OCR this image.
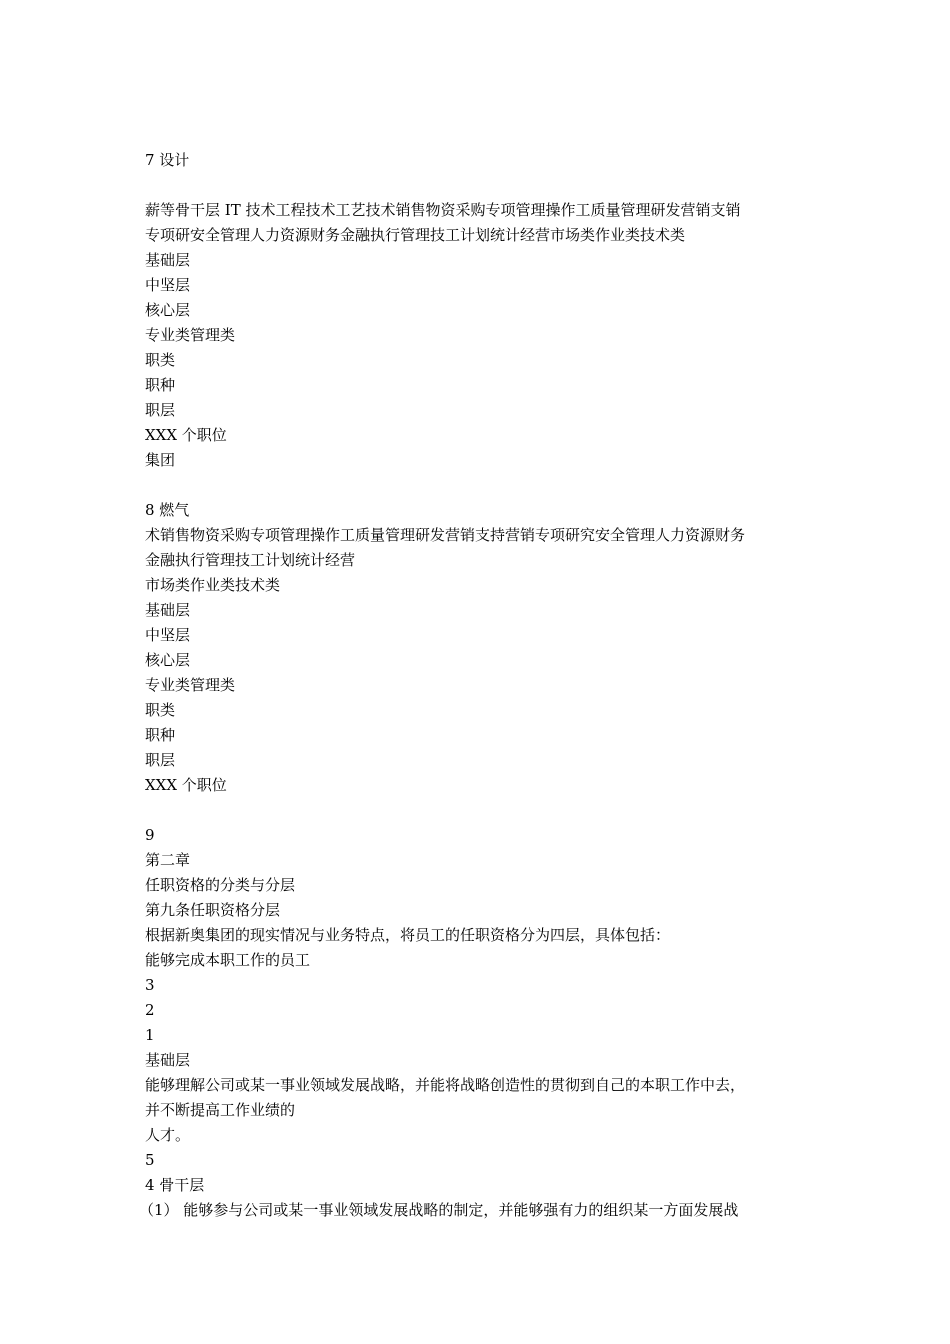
7 设计
薪等骨干层 IT 技术工程技术工艺技术销售物资采购专项管理操作工质量管理研发营销支销
专项研安全管理人力资源财务金融执行管理技工计划统计经营市场类作业类技术类
基础层
中坚层
核心层
专业类管理类
职类
职种
职层
XXX 个职位
集团
8 燃气
术销售物资采购专项管理操作工质量管理研发营销支持营销专项研究安全管理人力资源财务
金融执行管理技工计划统计经营
市场类作业类技术类
基础层
中坚层
核心层
专业类管理类
职类
职种
职层
XXX 个职位
9
第二章
任职资格的分类与分层
第九条任职资格分层
根据新奥集团的现实情况与业务特点，将员工的任职资格分为四层，具体包括：
能够完成本职工作的员工
3
2
1
基础层
能够理解公司或某一事业领域发展战略，并能将战略创造性的贯彻到自己的本职工作中去，
并不断提高工作业绩的
人才。
5
4 骨干层
（1） 能够参与公司或某一事业领域发展战略的制定，并能够强有力的组织某一方面发展战
